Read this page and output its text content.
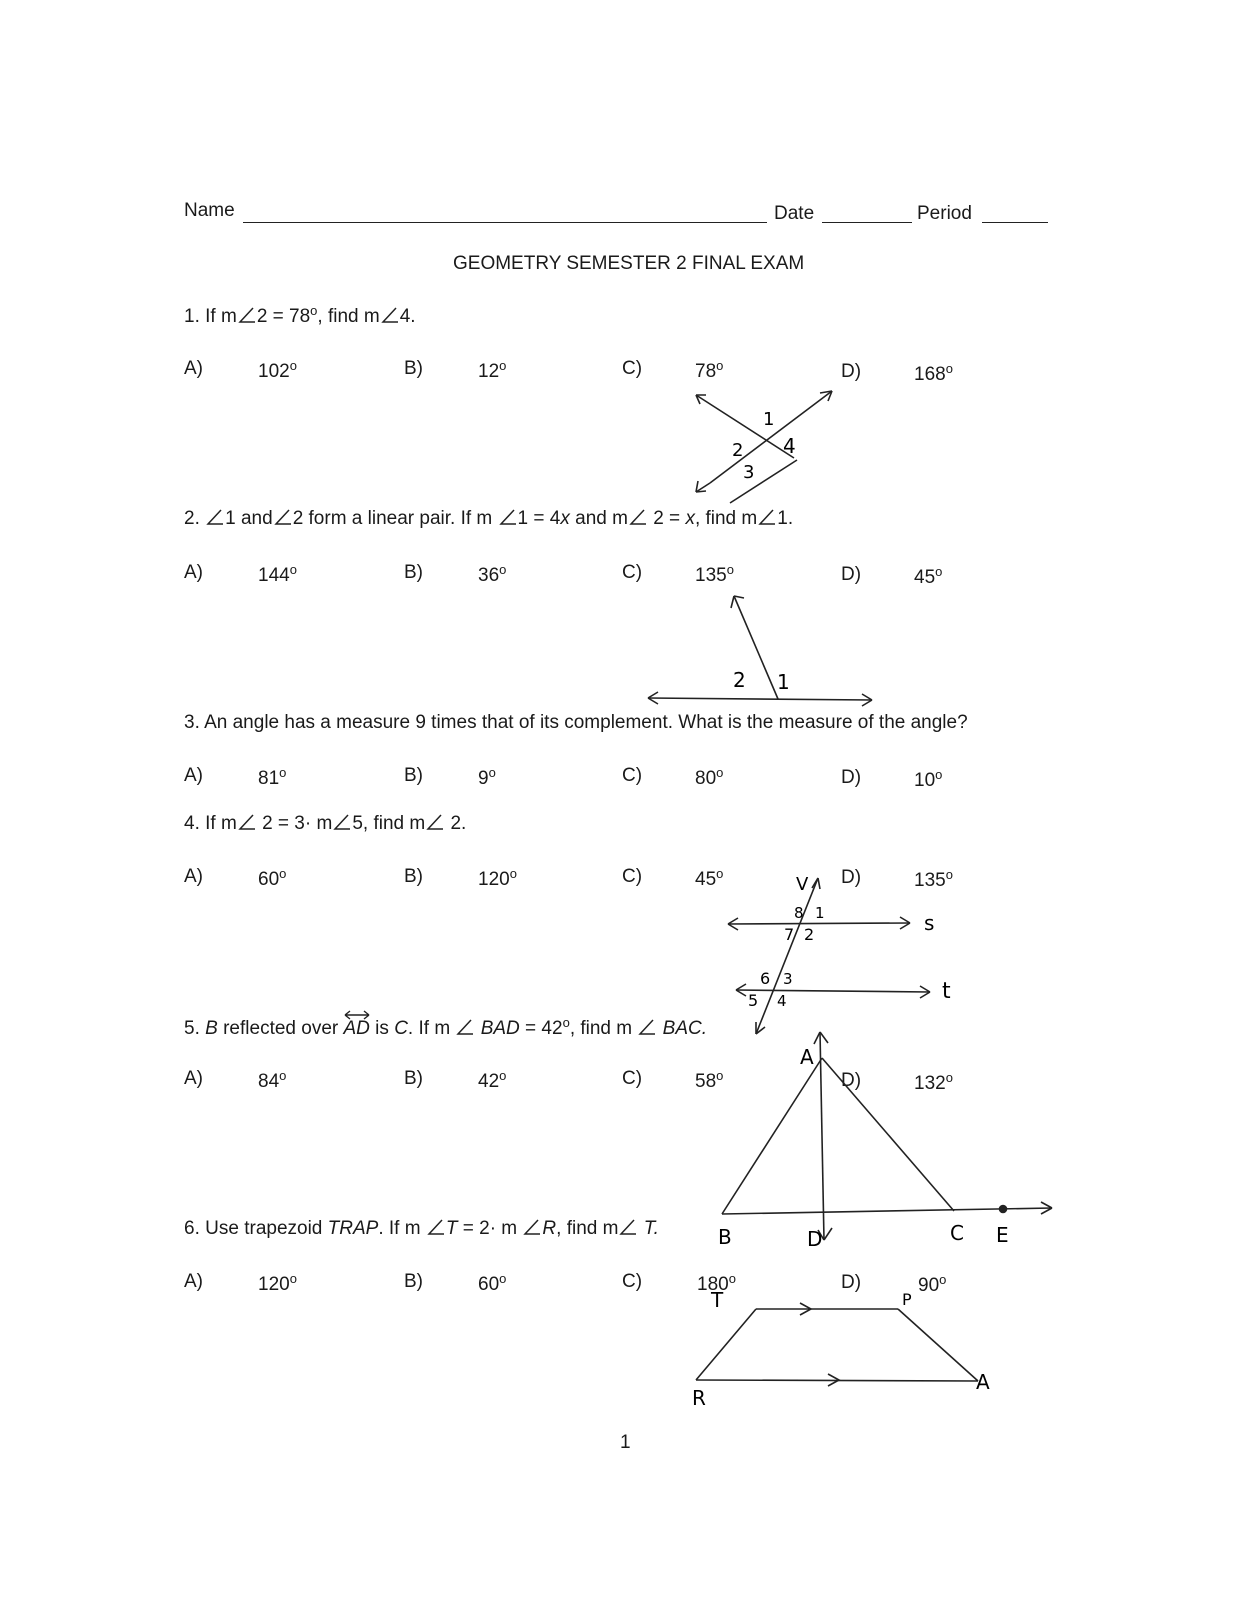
Name	Date	Period
GEOMETRY SEMESTER 2 FINAL EXAM
1. If m $2 = 78^o$, find m 4.
A)	102$^o$	B)	12$^o$	C)	78$^o$	D)	168$^o$
1
2
3
4
2. 1 and 2 form a linear pair. If m 1 = 4x and m 2 = x, find m 1.
A)	144$^o$	B)	36$^o$	C)	135$^o$	D)	45$^o$
2 1
3. An angle has a measure 9 times that of its complement. What is the measure of the angle?
A)	81$^o$	B)	9$^o$	C)	80$^o$	D)	10$^o$
4. If m 2 = 3· m 5, find m 2.
A)	60$^o$	B)	120$^o$	C)	45$^o$	D)	135$^o$
V
8 1
7 2
6 3
5 4
s
t
5. B reflected over
AD is C. If m  BAD = $42^o$, find m  BAC.
A)	84$^o$	B)	42$^o$	C)	58$^o$	D)	132$^o$
A
B	D	C E
6. Use trapezoid TRAP. If m T = 2· m R, find m T.
A)	120$^o$	B)	60$^o$	C)	180$^o$	D)	90$^o$
T	P
R
A
1
